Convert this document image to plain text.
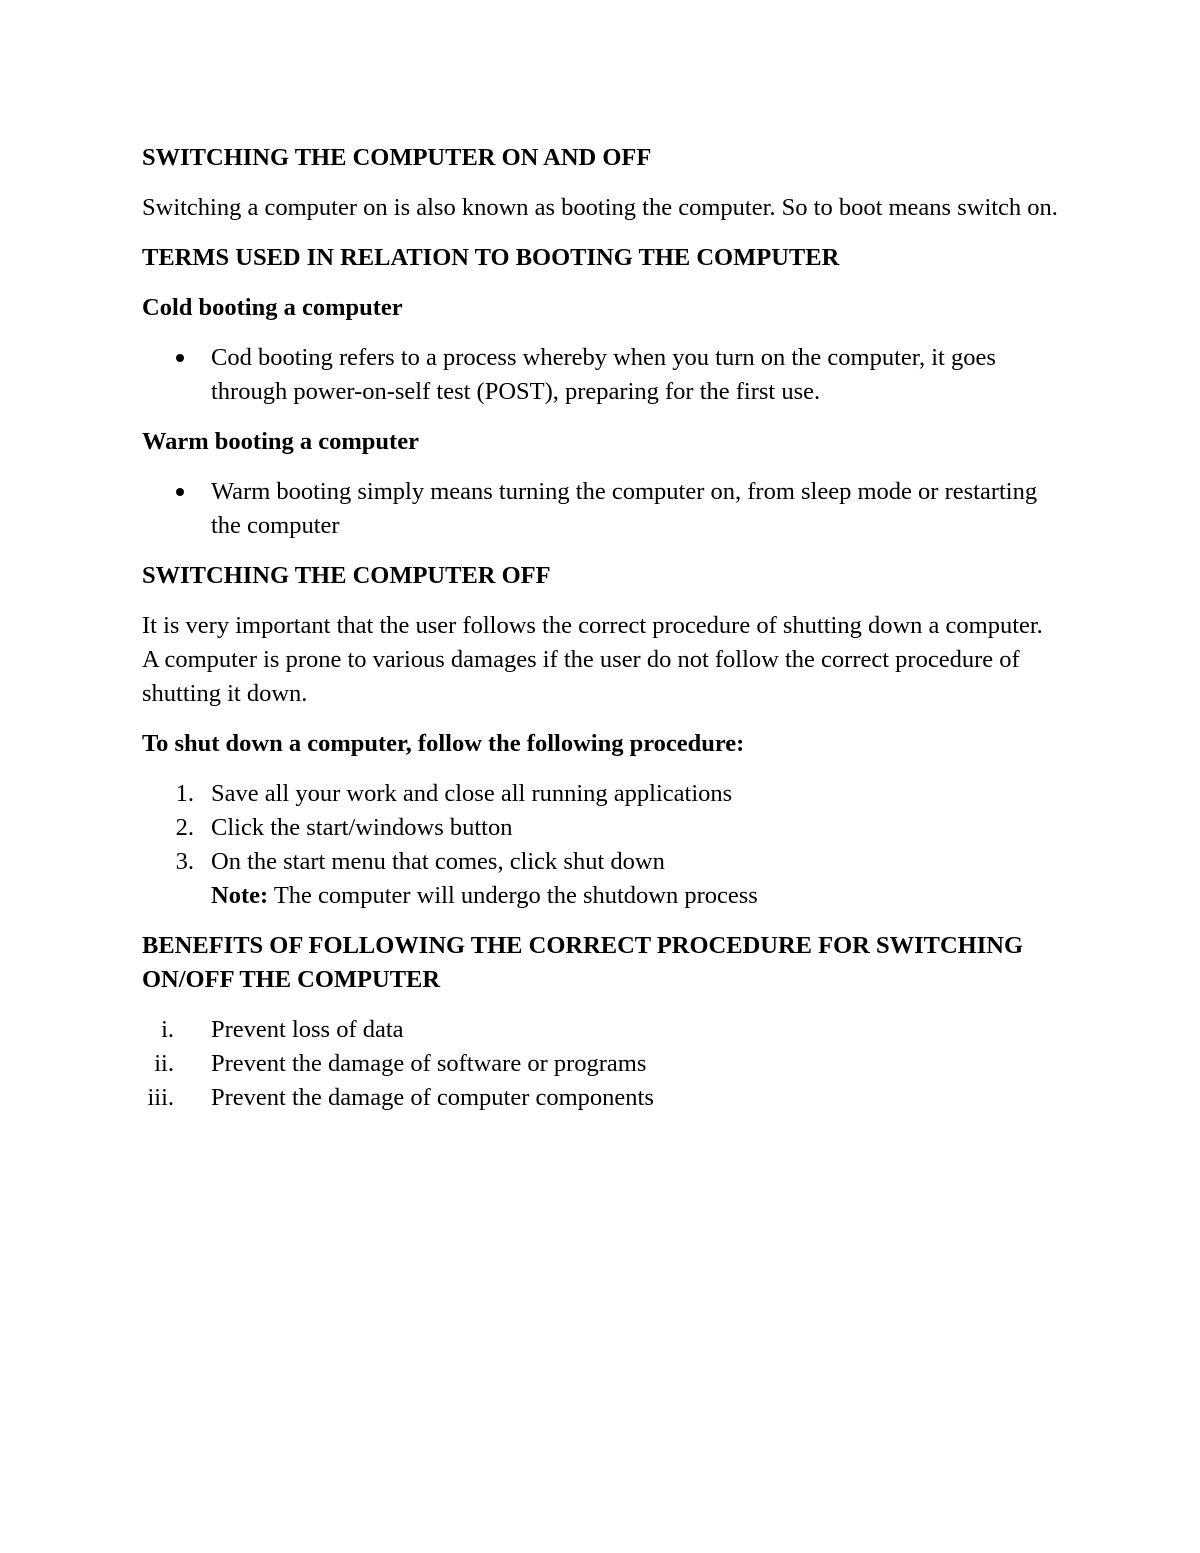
SWITCHING THE COMPUTER ON AND OFF

Switching a computer on is also known as booting the computer. So to boot means switch on.

TERMS USED IN RELATION TO BOOTING THE COMPUTER

Cold booting a computer

Cod booting refers to a process whereby when you turn on the computer, it goes through power-on-self test (POST), preparing for the first use.

Warm booting a computer

Warm booting simply means turning the computer on, from sleep mode or restarting the computer

SWITCHING THE COMPUTER OFF

It is very important that the user follows the correct procedure of shutting down a computer. A computer is prone to various damages if the user do not follow the correct procedure of shutting it down.

To shut down a computer, follow the following procedure:

1. Save all your work and close all running applications
2. Click the start/windows button
3. On the start menu that comes, click shut down
Note: The computer will undergo the shutdown process

BENEFITS OF FOLLOWING THE CORRECT PROCEDURE FOR SWITCHING ON/OFF THE COMPUTER

i. Prevent loss of data
ii. Prevent the damage of software or programs
iii. Prevent the damage of computer components
